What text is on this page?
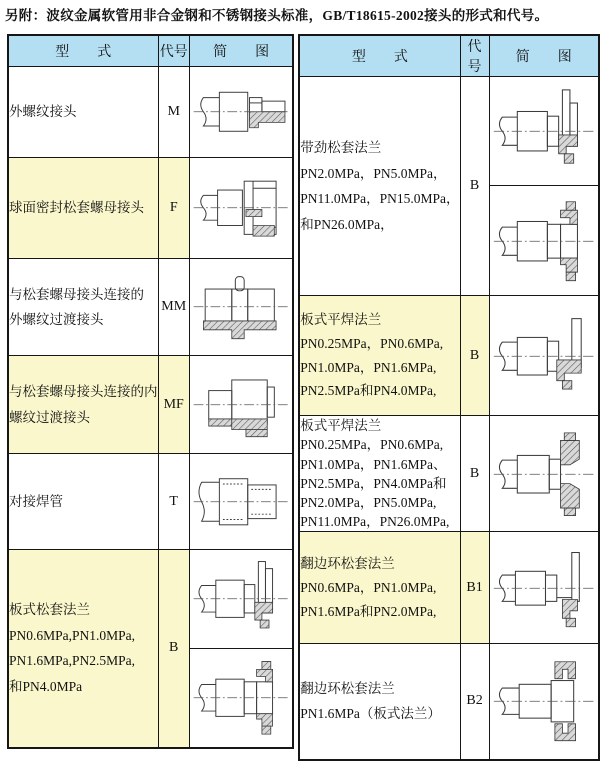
另附：波纹金属软管用非合金钢和不锈钢接头标准，GB/T18615-2002接头的形式和代号。
型　　式	代号	简　　图

外螺纹接头	M	

球面密封松套螺母接头	F	

与松套螺母接头连接的
外螺纹过渡接头	MM	

与松套螺母接头连接的内
螺纹过渡接头	MF	

对接焊管	T	

板式松套法兰
PN0.6MPa,PN1.0MPa,
PN1.6MPa,PN2.5MPa,
和PN4.0MPa	B	

型　　式	代号	简　　图

带劲松套法兰
PN2.0MPa，PN5.0MPa，
PN11.0MPa，PN15.0MPa，
和PN26.0MPa，	B	

板式平焊法兰
PN0.25MPa，PN0.6MPa,
PN1.0MPa，PN1.6MPa,
PN2.5MPa和PN4.0MPa,	B	

板式平焊法兰
PN0.25MPa，PN0.6MPa,
PN1.0MPa，PN1.6MPa、
PN2.5MPa，PN4.0MPa和
PN2.0MPa，PN5.0MPa,
PN11.0MPa，PN26.0MPa,
	B	

翻边环松套法兰
PN0.6MPa，PN1.0MPa,
PN1.6MPa和PN2.0MPa,	B1	

翻边环松套法兰
PN1.6MPa（板式法兰）	B2	
